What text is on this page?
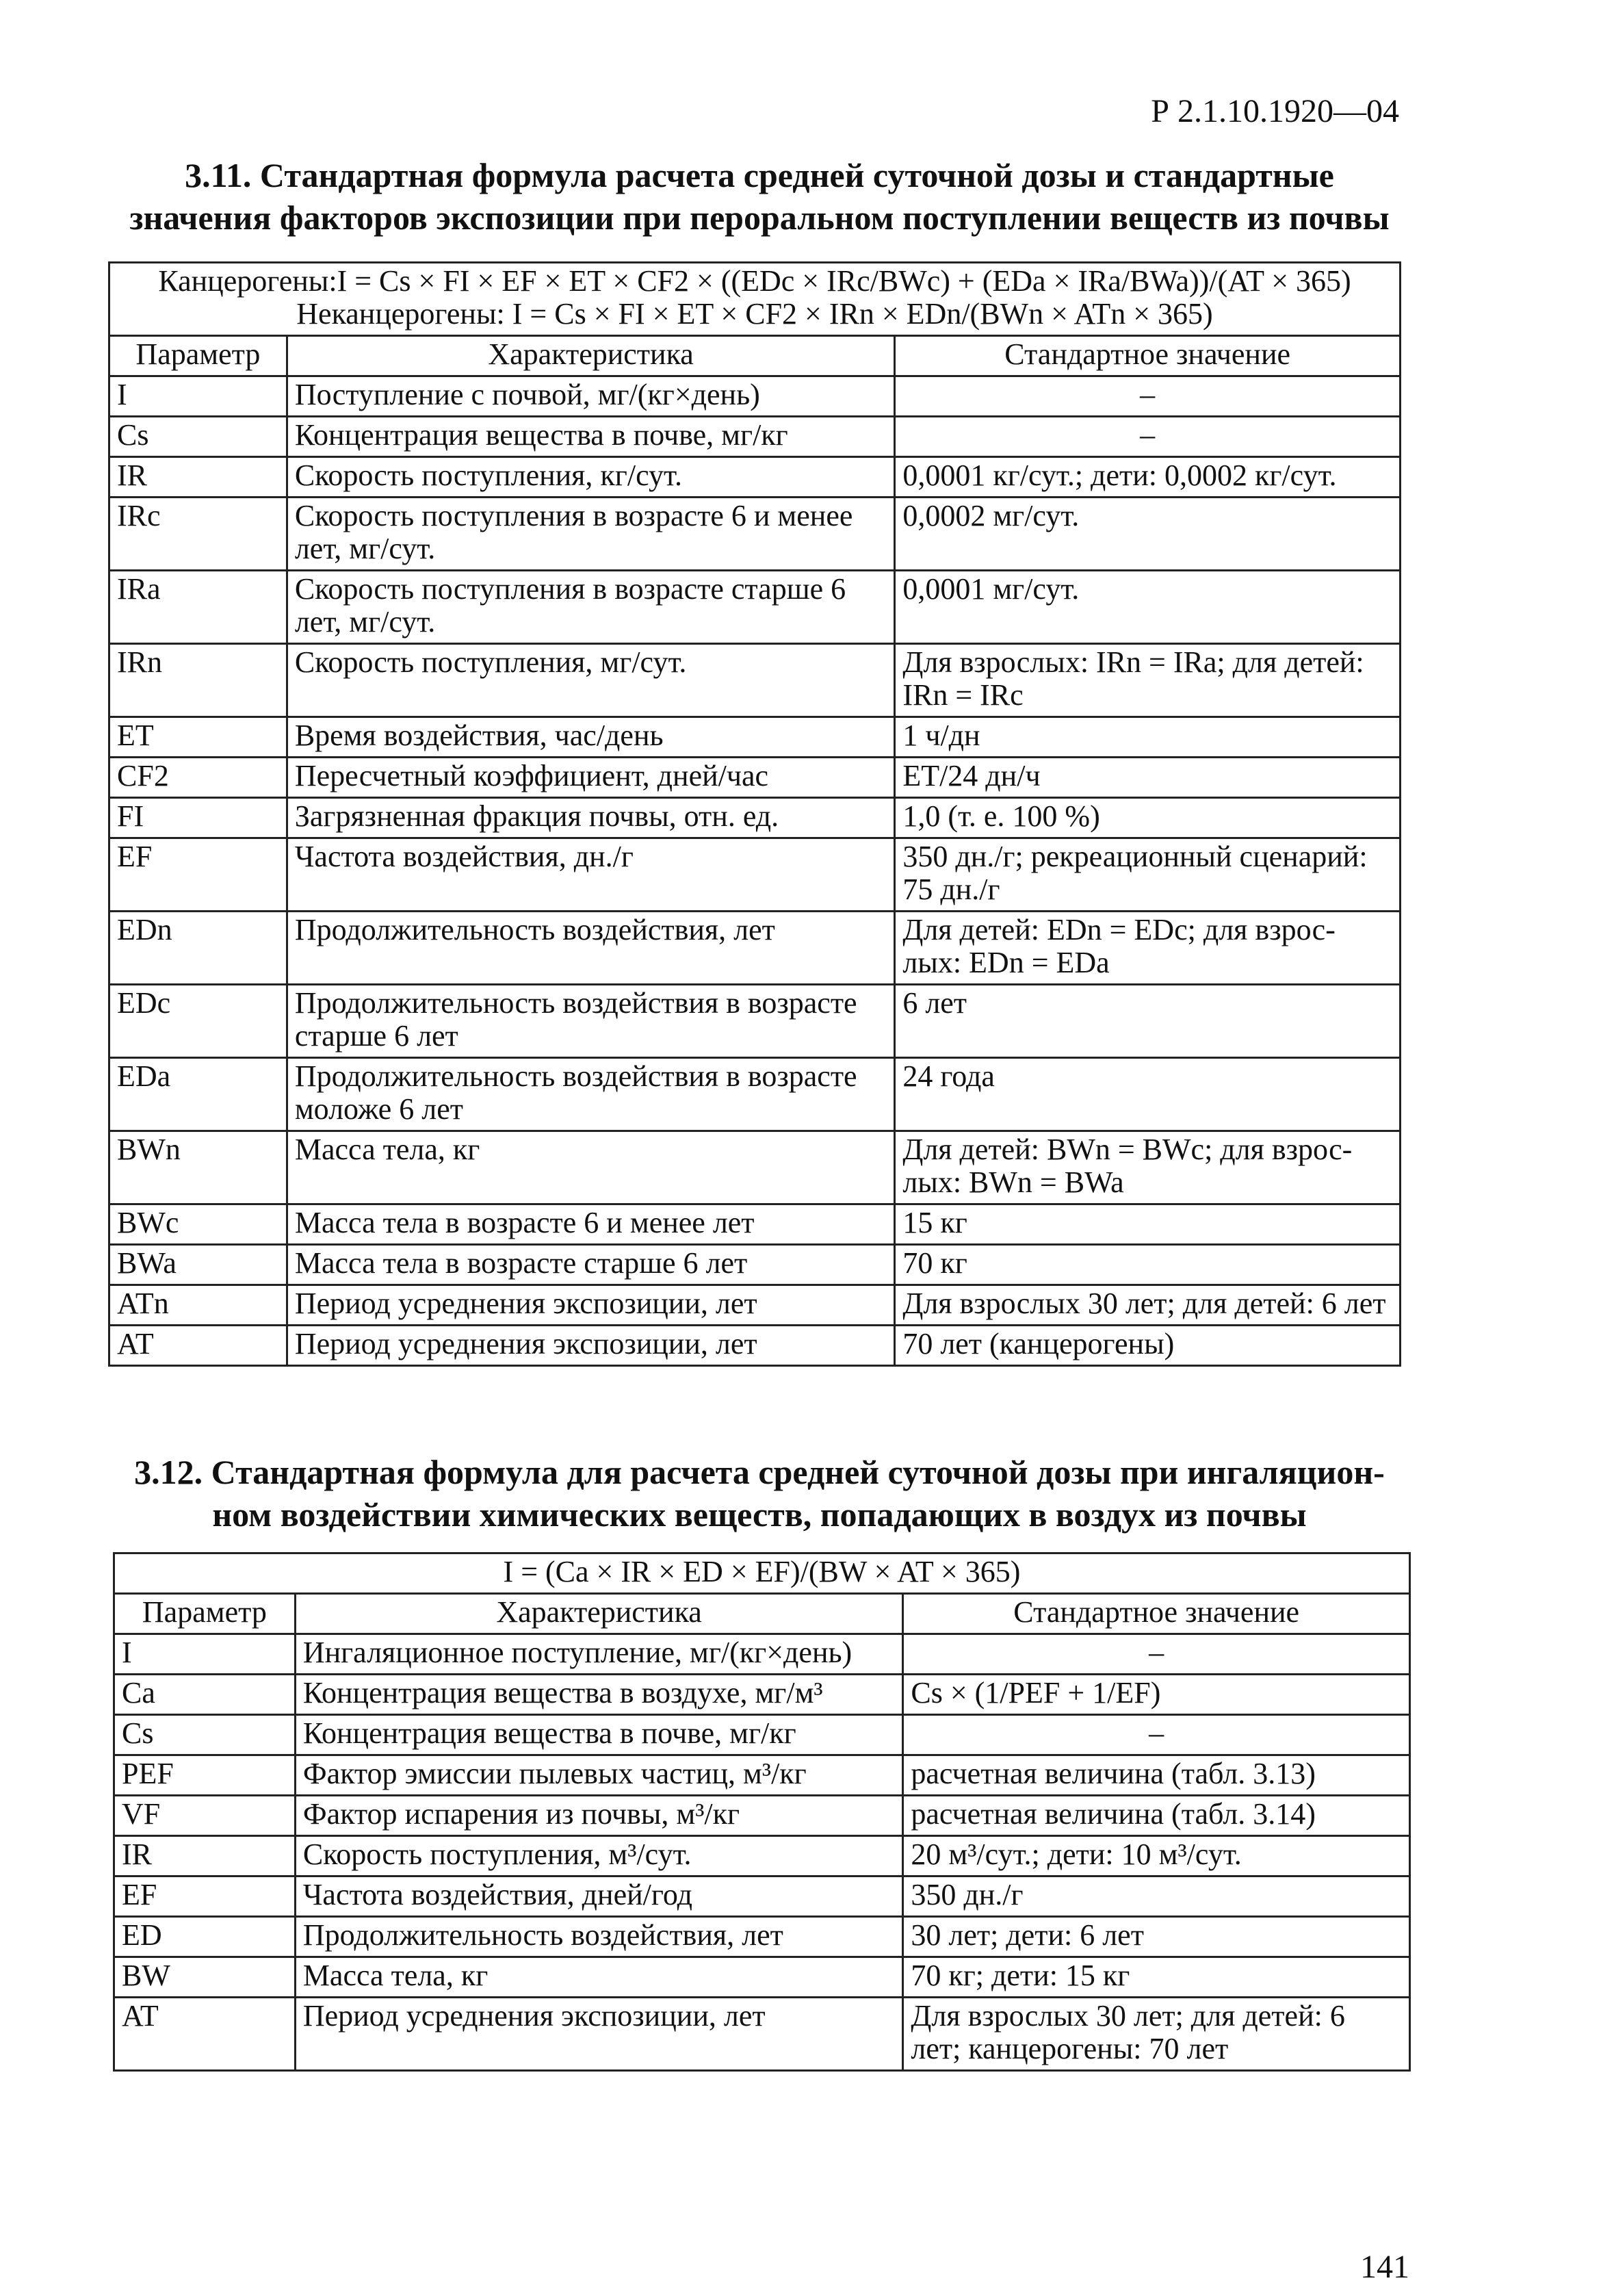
Р 2.1.10.1920—04
3.11. Стандартная формула расчета средней суточной дозы и стандартные
значения факторов экспозиции при пероральном поступлении веществ из почвы
Канцерогены:I = Cs × FI × EF × ET × CF2 × ((EDc × IRc/BWc) + (EDa × IRa/BWa))/(AT × 365)
Неканцерогены: I = Cs × FI × ET × CF2 × IRn × EDn/(BWn × ATn × 365)		

Параметр	Характеристика	Стандартное значение
I	Поступление с почвой, мг/(кг×день)	–
Cs	Концентрация вещества в почве, мг/кг	–
IR	Скорость поступления, кг/сут.	0,0001 кг/сут.; дети: 0,0002 кг/сут.
IRc	Скорость поступления в возрасте 6 и менее лет, мг/сут.	0,0002 мг/сут.
IRa	Скорость поступления в возрасте старше 6 лет, мг/сут.	0,0001 мг/сут.
IRn	Скорость поступления, мг/сут.	Для взрослых: IRn = IRa; для детей: IRn = IRc
ET	Время воздействия, час/день	1 ч/дн
CF2	Пересчетный коэффициент, дней/час	ET/24 дн/ч
FI	Загрязненная фракция почвы, отн. ед.	1,0 (т. е. 100 %)
EF	Частота воздействия, дн./г	350 дн./г; рекреационный сценарий: 75 дн./г
EDn	Продолжительность воздействия, лет	Для детей: EDn = EDc; для взрос-лых: EDn = EDa
EDc	Продолжительность воздействия в возрасте старше 6 лет	6 лет
EDa	Продолжительность воздействия в возрасте моложе 6 лет	24 года
BWn	Масса тела, кг	Для детей: BWn = BWc; для взрос-лых: BWn = BWa
BWc	Масса тела в возрасте 6 и менее лет	15 кг
BWa	Масса тела в возрасте старше 6 лет	70 кг
ATn	Период усреднения экспозиции, лет	Для взрослых 30 лет; для детей: 6 лет
AT	Период усреднения экспозиции, лет	70 лет (канцерогены)
3.12. Стандартная формула для расчета средней суточной дозы при ингаляцион-
ном воздействии химических веществ, попадающих в воздух из почвы
I = (Ca × IR × ED × EF)/(BW × AT × 365)		
Параметр	Характеристика	Стандартное значение
I	Ингаляционное поступление, мг/(кг×день)	–
Ca	Концентрация вещества в воздухе, мг/м³	Cs × (1/PEF + 1/EF)
Cs	Концентрация вещества в почве, мг/кг	–
PEF	Фактор эмиссии пылевых частиц, м³/кг	расчетная величина (табл. 3.13)
VF	Фактор испарения из почвы, м³/кг	расчетная величина (табл. 3.14)
IR	Скорость поступления, м³/сут.	20 м³/сут.; дети: 10 м³/сут.
EF	Частота воздействия, дней/год	350 дн./г
ED	Продолжительность воздействия, лет	30 лет; дети: 6 лет
BW	Масса тела, кг	70 кг; дети: 15 кг
AT	Период усреднения экспозиции, лет	Для взрослых 30 лет; для детей: 6 лет; канцерогены: 70 лет
141
